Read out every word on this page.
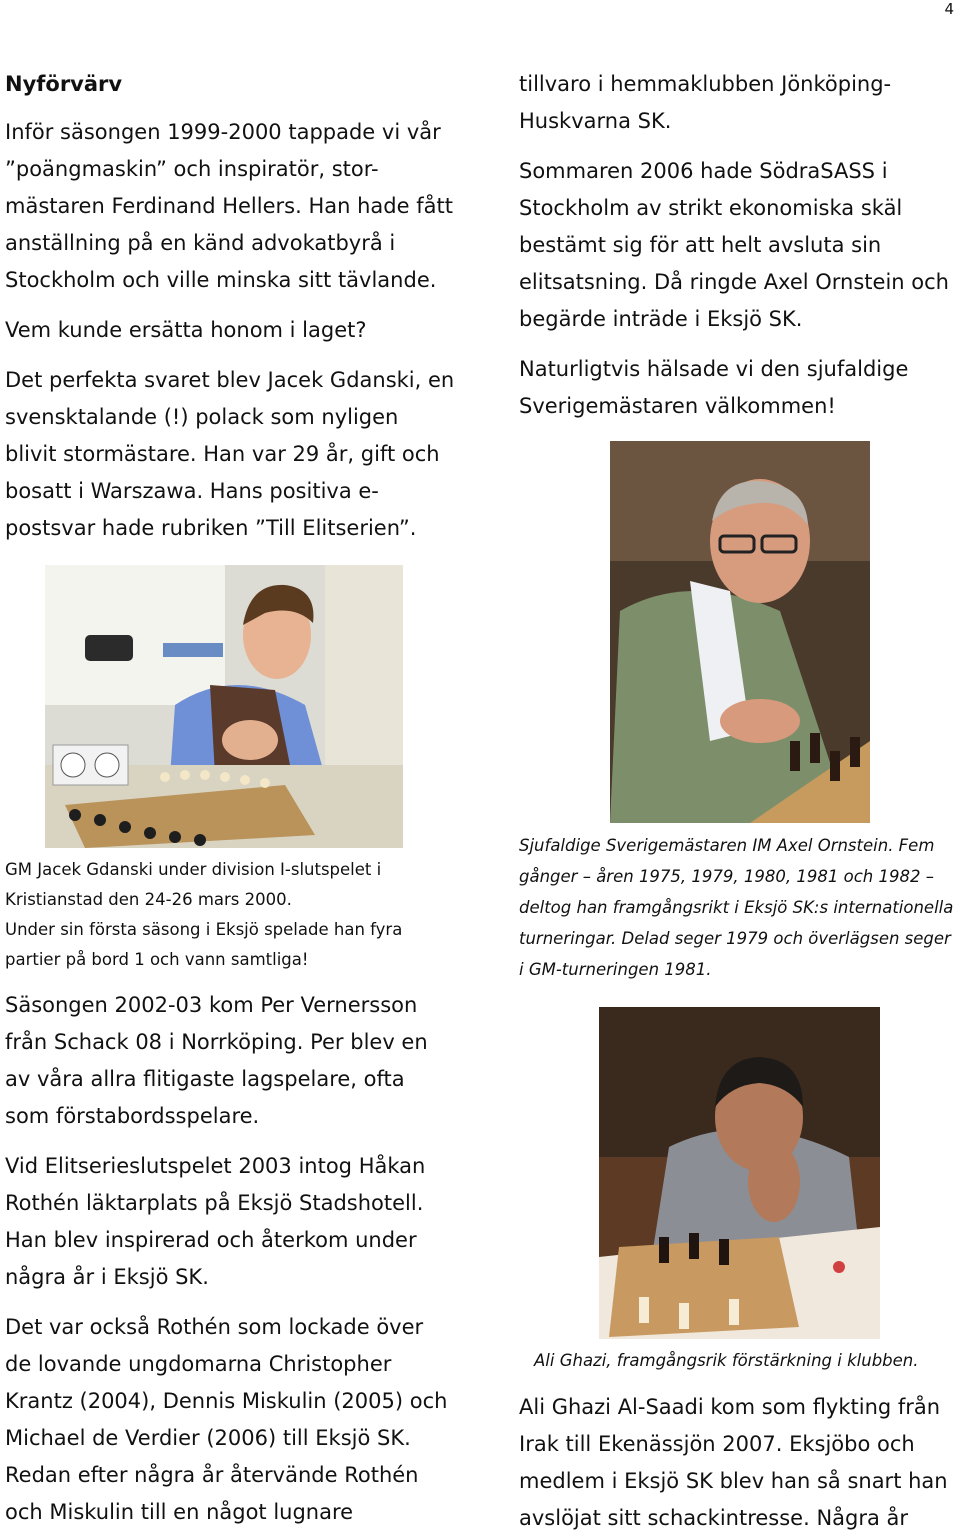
4

Nyförvärv

Inför säsongen 1999-2000 tappade vi vår ”poängmaskin” och inspiratör, stor-mästaren Ferdinand Hellers. Han hade fått anställning på en känd advokatbyrå i Stockholm och ville minska sitt tävlande.

Vem kunde ersätta honom i laget?

Det perfekta svaret blev Jacek Gdanski, en svensktalande (!) polack som nyligen blivit stormästare. Han var 29 år, gift och bosatt i Warszawa. Hans positiva e-postsvar hade rubriken ”Till Elitserien”.

GM Jacek Gdanski under division I-slutspelet i Kristianstad den 24-26 mars 2000.

Under sin första säsong i Eksjö spelade han fyra partier på bord 1 och vann samtliga!

Säsongen 2002-03 kom Per Vernersson från Schack 08 i Norrköping. Per blev en av våra allra flitigaste lagspelare, ofta som förstabordsspelare.

Vid Elitserieslutspelet 2003 intog Håkan Rothén läktarplats på Eksjö Stadshotell. Han blev inspirerad och återkom under några år i Eksjö SK.

Det var också Rothén som lockade över de lovande ungdomarna Christopher Krantz (2004), Dennis Miskulin (2005) och Michael de Verdier (2006) till Eksjö SK. Redan efter några år återvände Rothén och Miskulin till en något lugnare

tillvaro i hemmaklubben Jönköping-Huskvarna SK.

Sommaren 2006 hade SödraSASS i Stockholm av strikt ekonomiska skäl bestämt sig för att helt avsluta sin elitsatsning. Då ringde Axel Ornstein och begärde inträde i Eksjö SK.

Naturligtvis hälsade vi den sjufaldige Sverigemästaren välkommen!

Sjufaldige Sverigemästaren IM Axel Ornstein. Fem gånger – åren 1975, 1979, 1980, 1981 och 1982 – deltog han framgångsrikt i Eksjö SK:s internationella turneringar. Delad seger 1979 och överlägsen seger i GM-turneringen 1981.

Ali Ghazi, framgångsrik förstärkning i klubben.

Ali Ghazi Al-Saadi kom som flykting från Irak till Ekenässjön 2007. Eksjöbo och medlem i Eksjö SK blev han så snart han avslöjat sitt schackintresse. Några år
